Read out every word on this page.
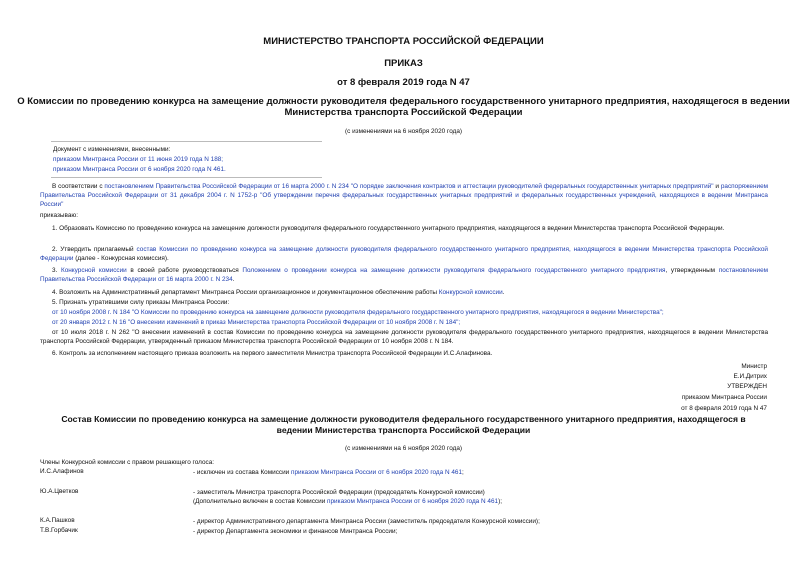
МИНИСТЕРСТВО ТРАНСПОРТА РОССИЙСКОЙ ФЕДЕРАЦИИ
ПРИКАЗ
от 8 февраля 2019 года N 47
О Комиссии по проведению конкурса на замещение должности руководителя федерального государственного унитарного предприятия, находящегося в ведении
Министерства транспорта Российской Федерации
(с изменениями на 6 ноября 2020 года)
Документ с изменениями, внесенными:
приказом Минтранса России от 11 июня 2019 года N 188;
приказом Минтранса России от 6 ноября 2020 года N 461.
В соответствии с постановлением Правительства Российской Федерации от 16 марта 2000 г. N 234 "О порядке заключения контрактов и аттестации руководителей федеральных государственных унитарных предприятий" и распоряжением Правительства Российской Федерации от 31 декабря 2004 г. N 1752-р "Об утверждении перечня федеральных государственных унитарных предприятий и федеральных государственных учреждений, находящихся в ведении Минтранса России"
приказываю:
1. Образовать Комиссию по проведению конкурса на замещение должности руководителя федерального государственного унитарного предприятия, находящегося в ведении Министерства транспорта Российской Федерации.
2. Утвердить прилагаемый состав Комиссии по проведению конкурса на замещение должности руководителя федерального государственного унитарного предприятия, находящегося в ведении Министерства транспорта Российской Федерации (далее - Конкурсная комиссия).
3. Конкурсной комиссии в своей работе руководствоваться Положением о проведении конкурса на замещение должности руководителя федерального государственного унитарного предприятия, утвержденным постановлением Правительства Российской Федерации от 16 марта 2000 г. N 234.
4. Возложить на Административный департамент Минтранса России организационное и документационное обеспечение работы Конкурсной комиссии.
5. Признать утратившими силу приказы Минтранса России:
от 10 ноября 2008 г. N 184 "О Комиссии по проведению конкурса на замещение должности руководителя федерального государственного унитарного предприятия, находящегося в ведении Министерства";
от 20 января 2012 г. N 16 "О внесении изменений в приказ Министерства транспорта Российской Федерации от 10 ноября 2008 г. N 184";
от 10 июля 2018 г. N 262 "О внесении изменений в состав Комиссии по проведению конкурса на замещение должности руководителя федерального государственного унитарного предприятия, находящегося в ведении Министерства транспорта Российской Федерации, утвержденный приказом Министерства транспорта Российской Федерации от 10 ноября 2008 г. N 184.
6. Контроль за исполнением настоящего приказа возложить на первого заместителя Министра транспорта Российской Федерации И.С.Алафинова.
Министр
Е.И.Дитрих
УТВЕРЖДЕН
приказом Минтранса России
от 8 февраля 2019 года N 47
Состав Комиссии по проведению конкурса на замещение должности руководителя федерального государственного унитарного предприятия, находящегося в
ведении Министерства транспорта Российской Федерации
(с изменениями на 6 ноября 2020 года)
Члены Конкурсной комиссии с правом решающего голоса:
И.С.Алафинов	- исключен из состава Комиссии приказом Минтранса России от 6 ноября 2020 года N 461;
Ю.А.Цветков	- заместитель Министра транспорта Российской Федерации (председатель Конкурсной комиссии)
(Дополнительно включен в состав Комиссии приказом Минтранса России от 6 ноября 2020 года N 461);
К.А.Пашков	- директор Административного департамента Минтранса России (заместитель председателя Конкурсной комиссии);
Т.В.Горбачик	- директор Департамента экономики и финансов Минтранса России;
